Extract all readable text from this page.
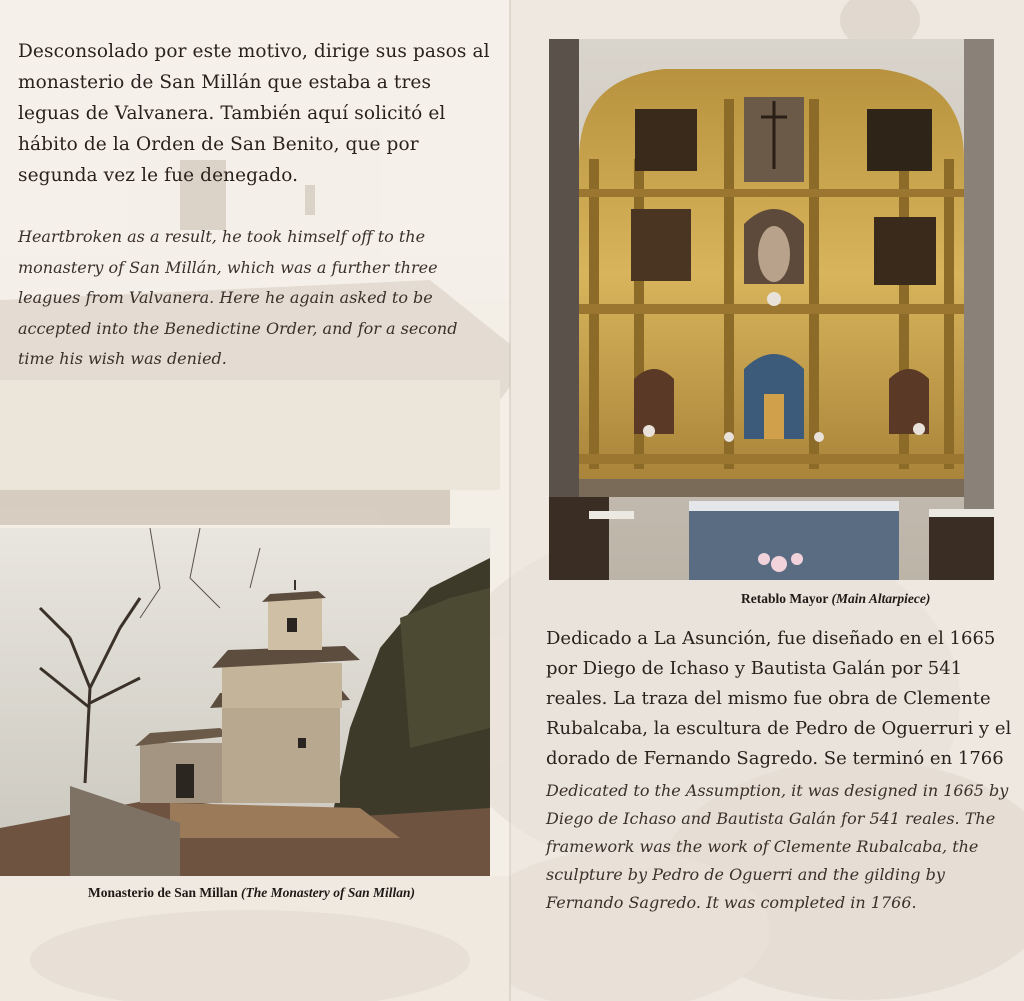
Desconsolado por este motivo, dirige sus pasos al monasterio de San Millán que estaba a tres leguas de Valvanera. También aquí solicitó el hábito de la Orden de San Benito, que por segunda vez le fue denegado.

Heartbroken as a result, he took himself off to the monastery of San Millán, which was a further three leagues from Valvanera. Here he again asked to be accepted into the Benedictine Order, and for a second time his wish was denied.

Retablo Mayor (Main Altarpiece)

Monasterio de San Millan (The Monastery of San Millan)

Dedicado a La Asunción, fue diseñado en el 1665 por Diego de Ichaso y Bautista Galán por 541 reales. La traza del mismo fue obra de Clemente Rubalcaba, la escultura de Pedro de Oguerruri y el dorado de Fernando Sagredo. Se terminó en 1766

Dedicated to the Assumption, it was designed in 1665 by Diego de Ichaso and Bautista Galán for 541 reales. The framework was the work of Clemente Rubalcaba, the sculpture by Pedro de Oguerri and the gilding by Fernando Sagredo. It was completed in 1766.
